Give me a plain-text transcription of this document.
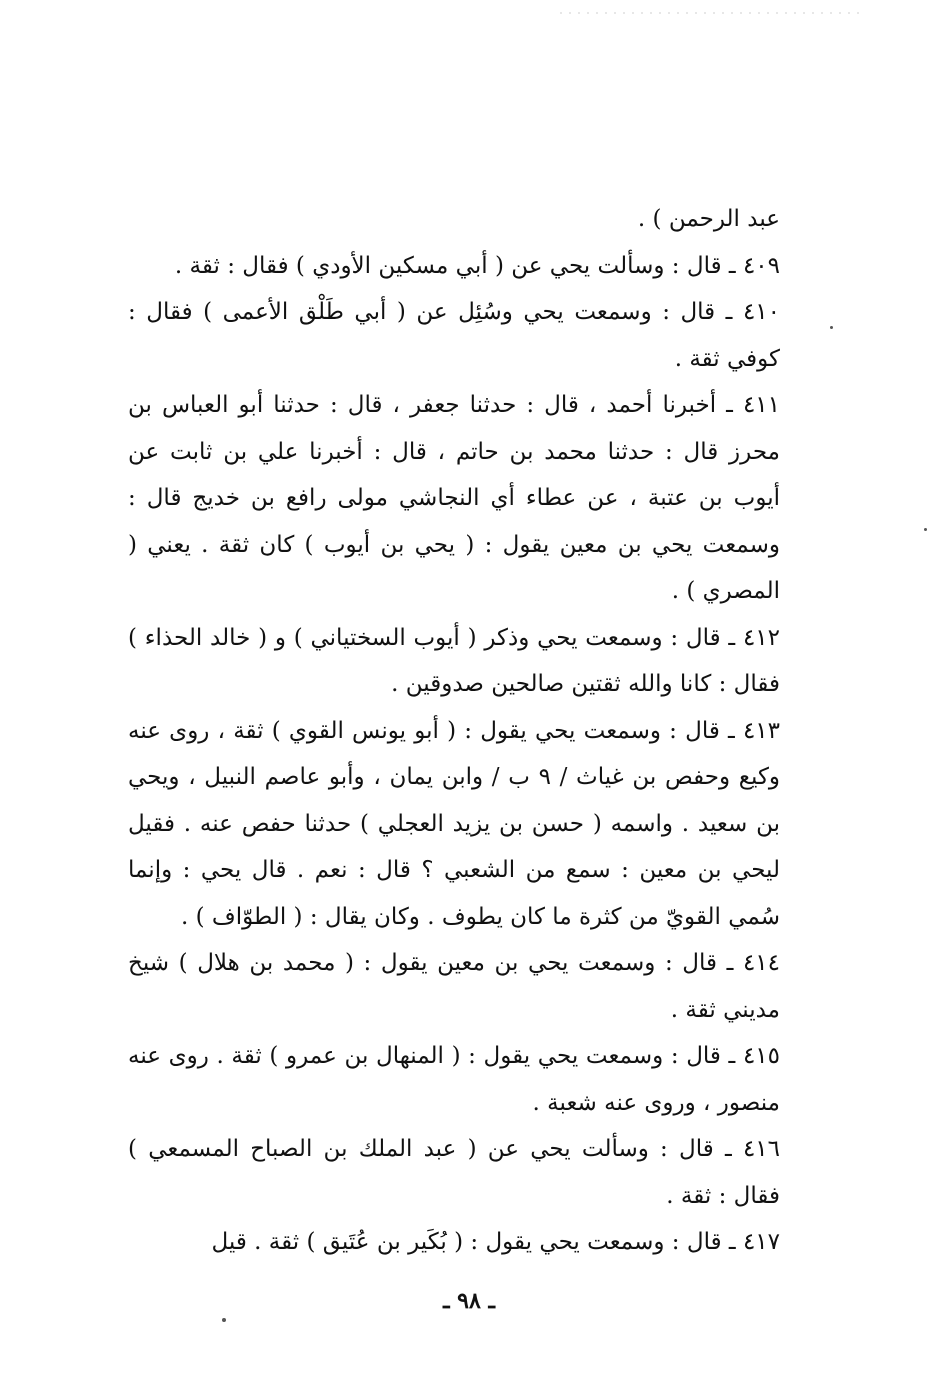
عبد الرحمن ) .

٤٠٩ ـ قال : وسألت يحي عن ( أبي مسكين الأودي ) فقال : ثقة .

٤١٠ ـ قال : وسمعت يحي وسُئِل عن ( أبي طَلْق الأعمى ) فقال : كوفي ثقة .

٤١١ ـ أخبرنا أحمد ، قال : حدثنا جعفر ، قال : حدثنا أبو العباس بن محرز قال : حدثنا محمد بن حاتم ، قال : أخبرنا علي بن ثابت عن أيوب بن عتبة ، عن عطاء أي النجاشي مولى رافع بن خديج قال : وسمعت يحي بن معين يقول : ( يحي بن أيوب ) كان ثقة . يعني ( المصري ) .

٤١٢ ـ قال : وسمعت يحي وذكر ( أيوب السختياني ) و ( خالد الحذاء ) فقال : كانا والله ثقتين صالحين صدوقين .

٤١٣ ـ قال : وسمعت يحي يقول : ( أبو يونس القوي ) ثقة ، روى عنه وكيع وحفص بن غياث / ٩ ب / وابن يمان ، وأبو عاصم النبيل ، ويحي بن سعيد . واسمه ( حسن بن يزيد العجلي ) حدثنا حفص عنه . فقيل ليحي بن معين : سمع من الشعبي ؟ قال : نعم . قال يحي : وإنما سُمي القويّ من كثرة ما كان يطوف . وكان يقال : ( الطوّاف ) .

٤١٤ ـ قال : وسمعت يحي بن معين يقول : ( محمد بن هلال ) شيخ مديني ثقة .

٤١٥ ـ قال : وسمعت يحي يقول : ( المنهال بن عمرو ) ثقة . روى عنه منصور ، وروى عنه شعبة .

٤١٦ ـ قال : وسألت يحي عن ( عبد الملك بن الصباح المسمعي ) فقال : ثقة .

٤١٧ ـ قال : وسمعت يحي يقول : ( بُكَير بن عُتَيق ) ثقة . قيل

ـ ٩٨ ـ
